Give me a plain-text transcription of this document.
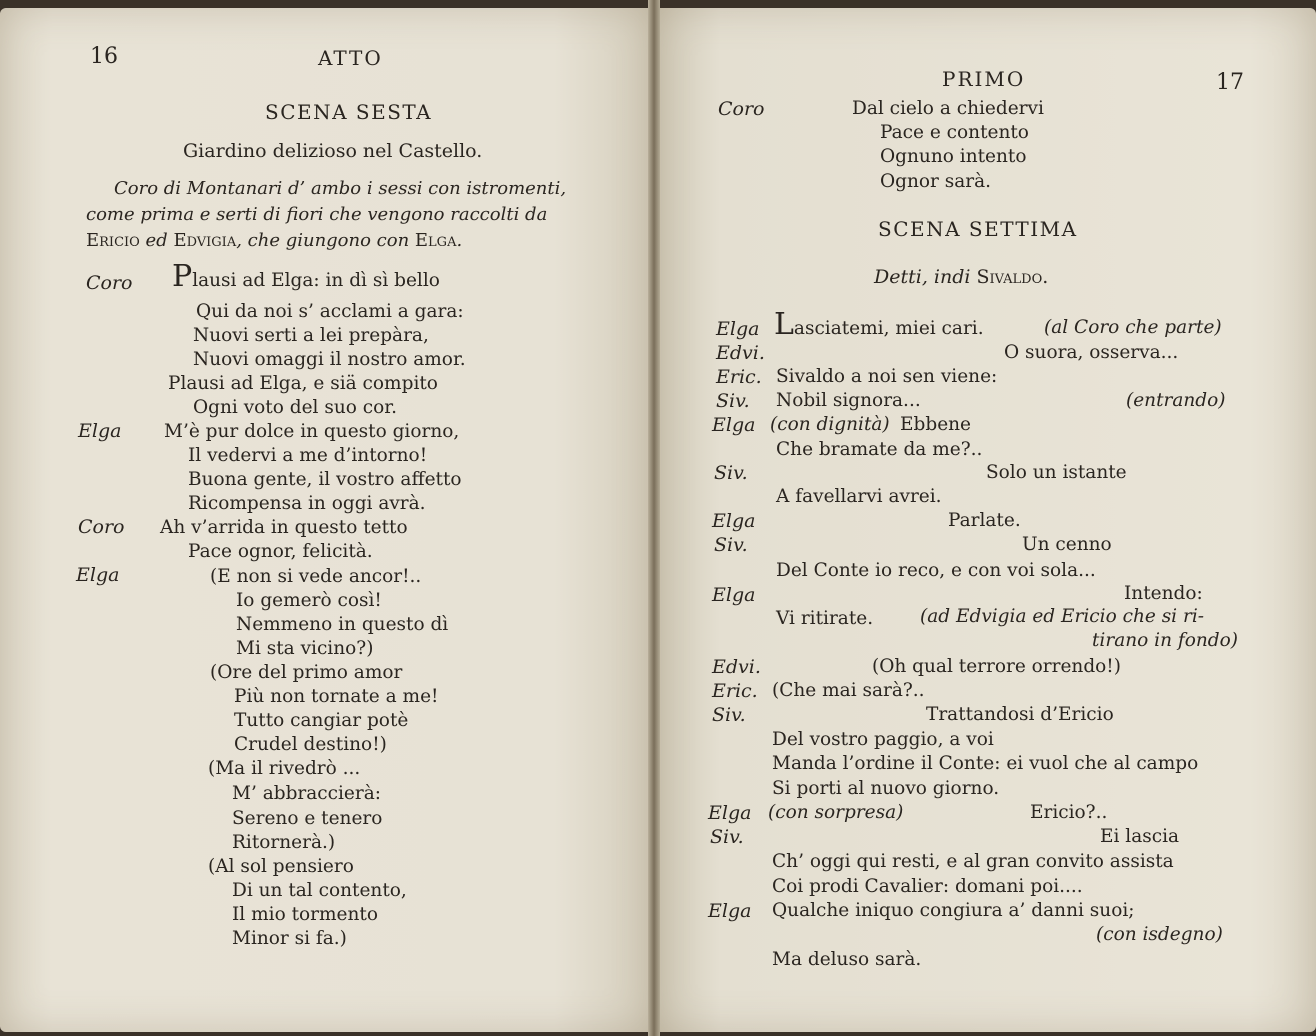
16	ATTO
SCENA SESTA
Giardino delizioso nel Castello.
Coro di Montanari d’ ambo i sessi con istromenti,
come prima e serti di fiori che vengono raccolti da
Ericio ed Edvigia, che giungono con Elga.
Coro Plausi ad Elga: in dì sì bello
Qui da noi s’ acclami a gara:
Nuovi serti a lei prepàra,
Nuovi omaggi il nostro amor.
Plausi ad Elga, e siä compito
Ogni voto del suo cor.
Elga M’è pur dolce in questo giorno,
Il vedervi a me d’intorno!
Buona gente, il vostro affetto
Ricompensa in oggi avrà.
Coro Ah v’arrida in questo tetto
Pace ognor, felicità.
Elga	(E non si vede ancor!..
Io gemerò così!
Nemmeno in questo dì
Mi sta vicino?)
(Ore del primo amor
Più non tornate a me!
Tutto cangiar potè
Crudel destino!)
(Ma il rivedrò ...
M’ abbraccierà:
Sereno e tenero
Ritornerà.)
(Al sol pensiero
Di un tal contento,
Il mio tormento
Minor si fa.)
PRIMO	17
Coro	Dal cielo a chiedervi
Pace e contento
Ognuno intento
Ognor sarà.
SCENA SETTIMA
Detti, indi Sivaldo.
Elga Lasciatemi, miei cari.	(al Coro che parte)
Edvi.	O suora, osserva...
Eric. Sivaldo a noi sen viene:
Siv. Nobil signora...	(entrando)
Elga (con dignità) Ebbene
Che bramate da me?..
Siv.	Solo un istante
A favellarvi avrei.
Elga	Parlate.
Siv.	Un cenno
Del Conte io reco, e con voi sola...
Elga	Intendo:
Vi ritirate.	(ad Edvigia ed Ericio che si ri-
tirano in fondo)
Edvi.	(Oh qual terrore orrendo!)
Eric. (Che mai sarà?..
Siv.	Trattandosi d’Ericio
Del vostro paggio, a voi
Manda l’ordine il Conte: ei vuol che al campo
Si porti al nuovo giorno.
Elga (con sorpresa)	Ericio?..
Siv.	Ei lascia
Ch’ oggi qui resti, e al gran convito assista
Coi prodi Cavalier: domani poi....
Elga Qualche iniquo congiura a’ danni suoi;
(con isdegno)
Ma deluso sarà.
